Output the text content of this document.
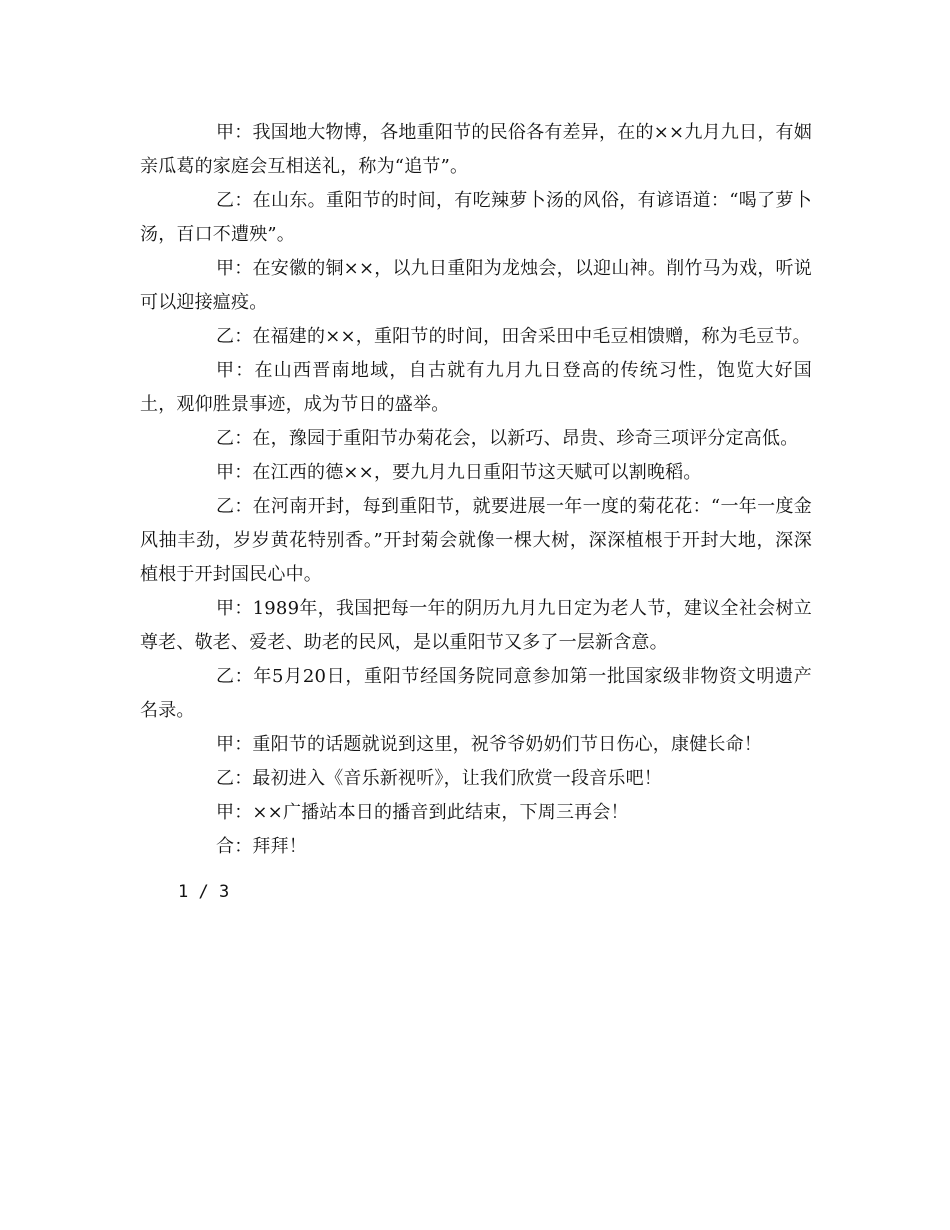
甲：我国地大物博，各地重阳节的民俗各有差异，在的××九月九日，有姻亲瓜葛的家庭会互相送礼，称为“追节”。

乙：在山东。重阳节的时间，有吃辣萝卜汤的风俗，有谚语道：“喝了萝卜汤，百口不遭殃”。

甲：在安徽的铜××，以九日重阳为龙烛会，以迎山神。削竹马为戏，听说可以迎接瘟疫。

乙：在福建的××，重阳节的时间，田舍采田中毛豆相馈赠，称为毛豆节。

甲：在山西晋南地域，自古就有九月九日登高的传统习性，饱览大好国土，观仰胜景事迹，成为节日的盛举。

乙：在，豫园于重阳节办菊花会，以新巧、昂贵、珍奇三项评分定高低。

甲：在江西的德××，要九月九日重阳节这天赋可以割晚稻。

乙：在河南开封，每到重阳节，就要进展一年一度的菊花花：“一年一度金风抽丰劲，岁岁黄花特别香。”开封菊会就像一棵大树，深深植根于开封大地，深深植根于开封国民心中。

甲：1989年，我国把每一年的阴历九月九日定为老人节，建议全社会树立尊老、敬老、爱老、助老的民风，是以重阳节又多了一层新含意。

乙：年5月20日，重阳节经国务院同意参加第一批国家级非物资文明遗产名录。

甲：重阳节的话题就说到这里，祝爷爷奶奶们节日伤心，康健长命！

乙：最初进入《音乐新视听》，让我们欣赏一段音乐吧！

甲：××广播站本日的播音到此结束，下周三再会！

合：拜拜！

1 / 3
